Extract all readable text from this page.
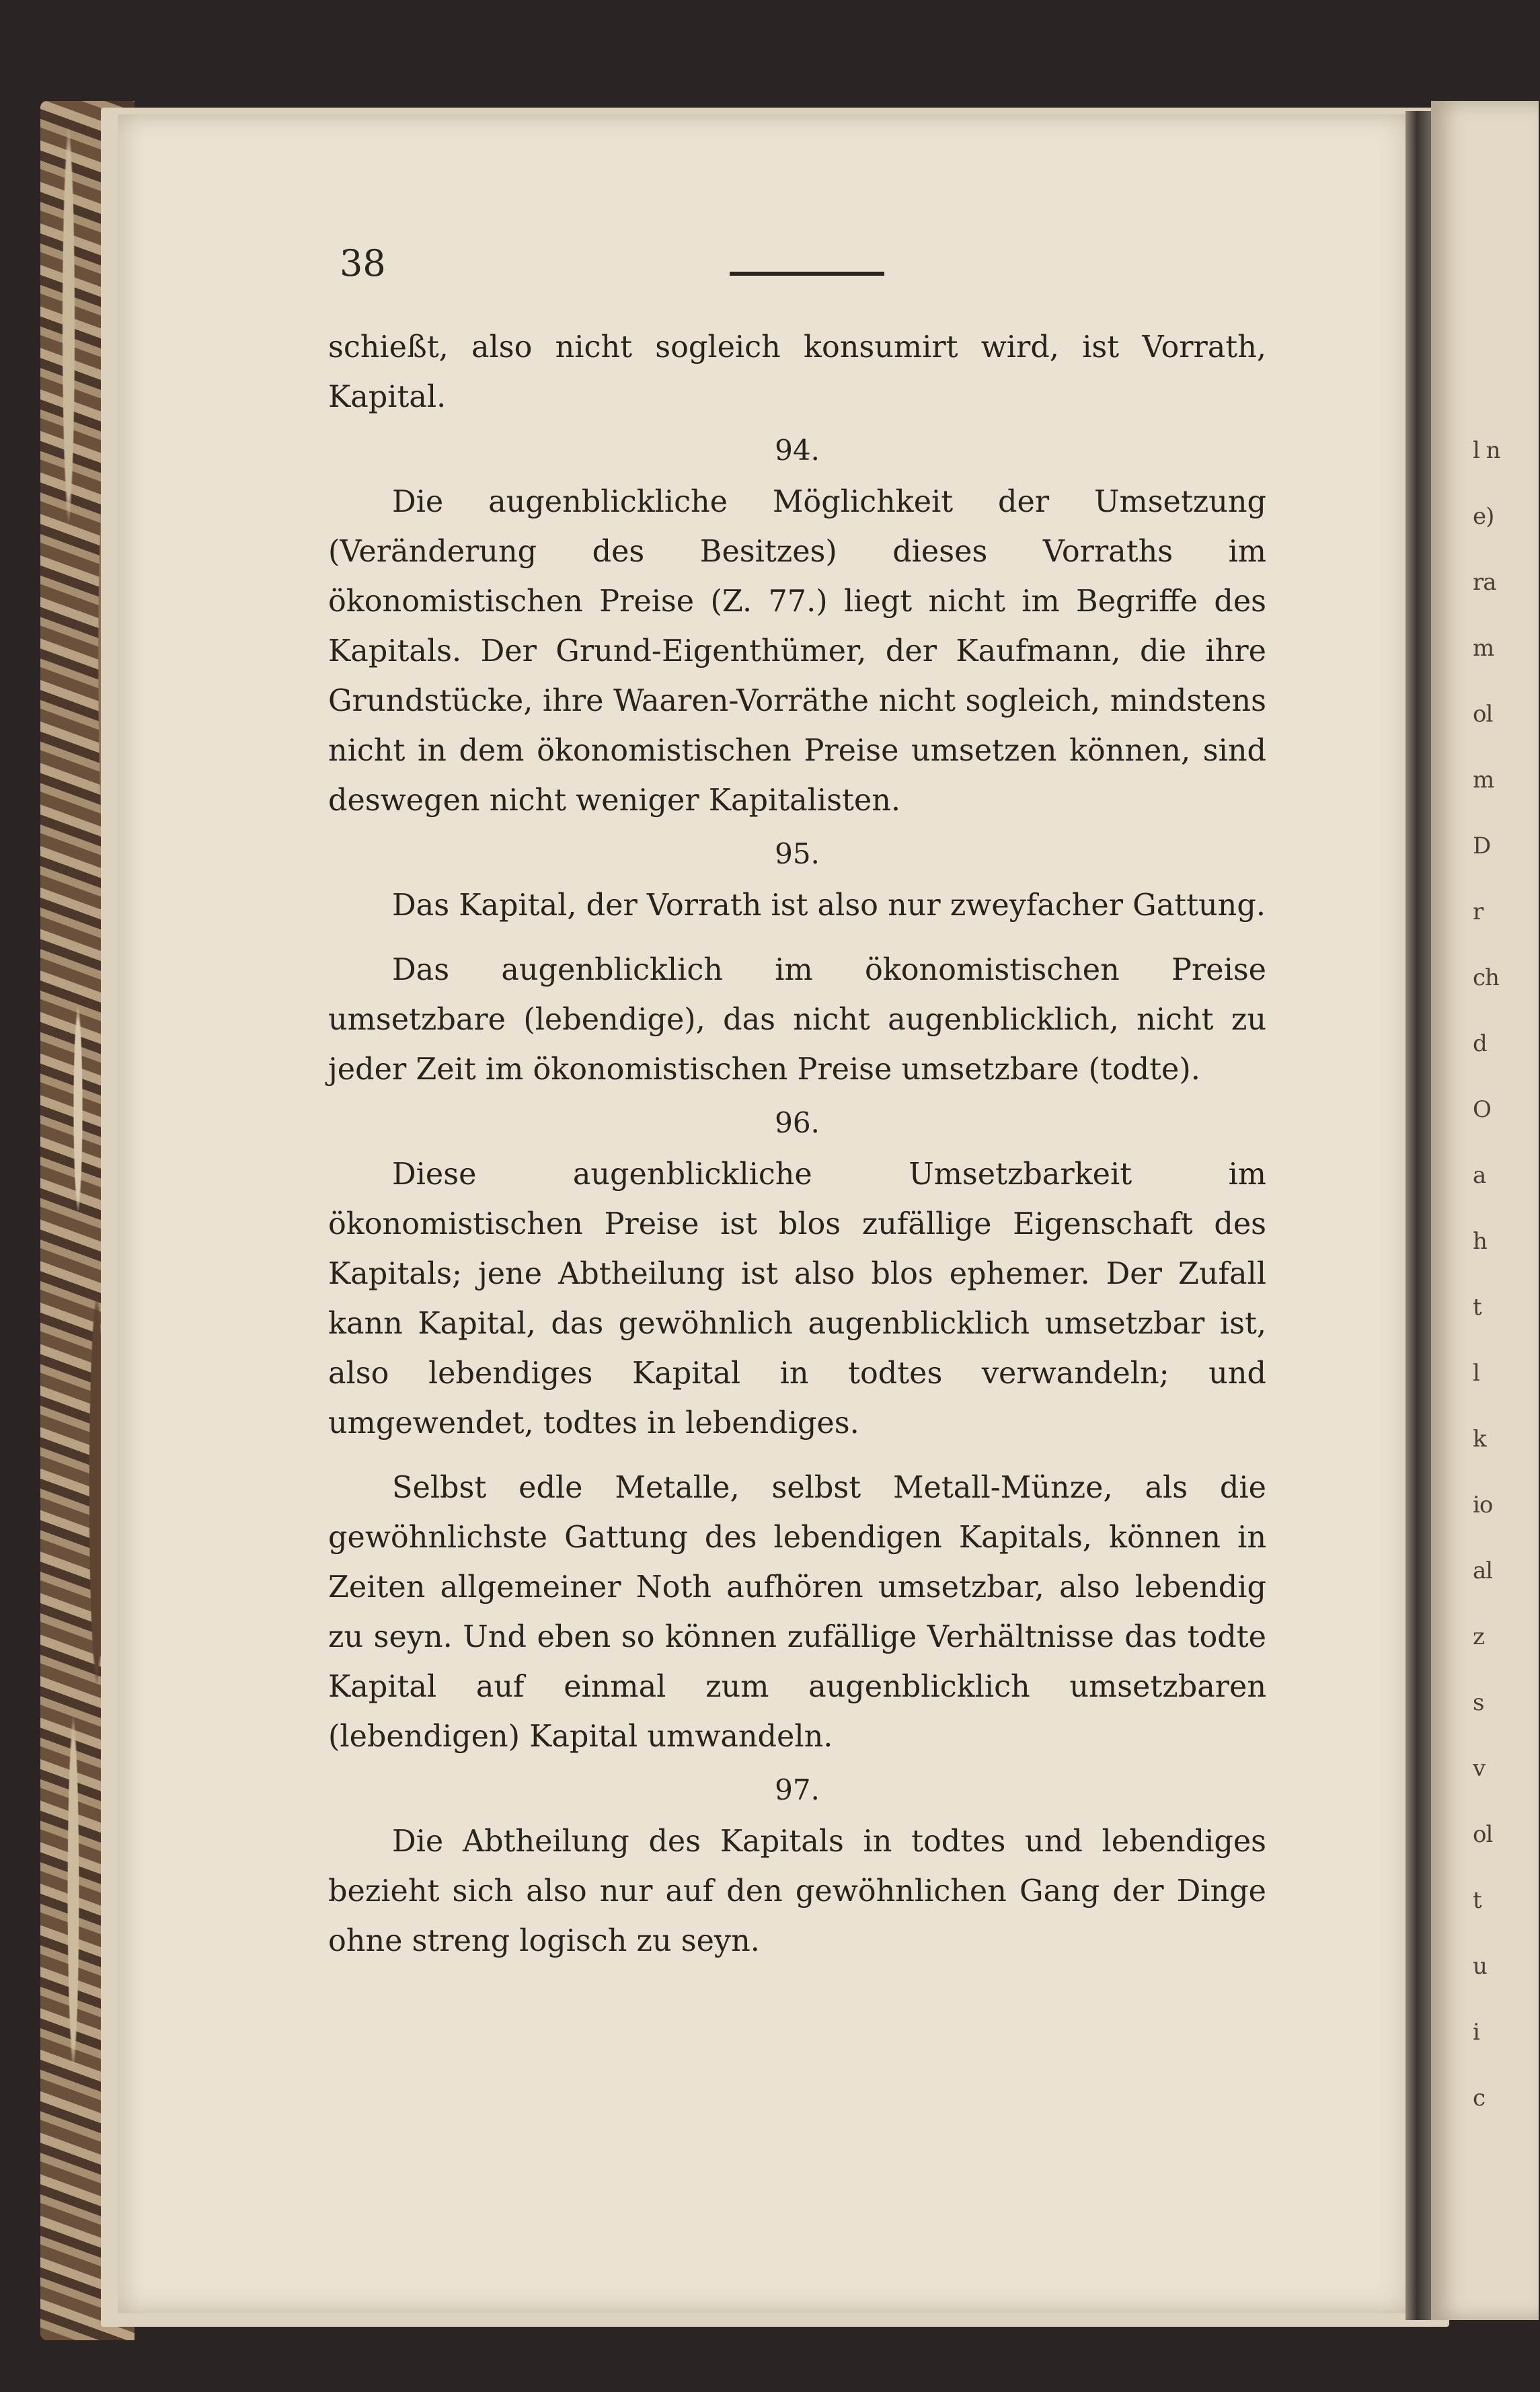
l n
e)
ra
m
ol
m
D
r
ch
d
O
a
h
t
l
k
io
al
z
s
v
ol
t
u
i
c
38

schießt, also nicht sogleich konsumirt wird, ist Vorrath, Kapital.

94.

Die augenblickliche Möglichkeit der Umsetzung (Veränderung des Besitzes) dieses Vorraths im ökonomistischen Preise (Z. 77.) liegt nicht im Begriffe des Kapitals. Der Grund-Eigenthümer, der Kaufmann, die ihre Grundstücke, ihre Waaren-Vorräthe nicht sogleich, mindstens nicht in dem ökonomistischen Preise umsetzen können, sind deswegen nicht weniger Kapitalisten.

95.

Das Kapital, der Vorrath ist also nur zweyfacher Gattung.

Das augenblicklich im ökonomistischen Preise umsetzbare (lebendige), das nicht augenblicklich, nicht zu jeder Zeit im ökonomistischen Preise umsetzbare (todte).

96.

Diese augenblickliche Umsetzbarkeit im ökonomistischen Preise ist blos zufällige Eigenschaft des Kapitals; jene Abtheilung ist also blos ephemer. Der Zufall kann Kapital, das gewöhnlich augenblicklich umsetzbar ist, also lebendiges Kapital in todtes verwandeln; und umgewendet, todtes in lebendiges.

Selbst edle Metalle, selbst Metall-Münze, als die gewöhnlichste Gattung des lebendigen Kapitals, können in Zeiten allgemeiner Noth aufhören umsetzbar, also lebendig zu seyn. Und eben so können zufällige Verhältnisse das todte Kapital auf einmal zum augenblicklich umsetzbaren (lebendigen) Kapital umwandeln.

97.

Die Abtheilung des Kapitals in todtes und lebendiges bezieht sich also nur auf den gewöhnlichen Gang der Dinge ohne streng logisch zu seyn.
